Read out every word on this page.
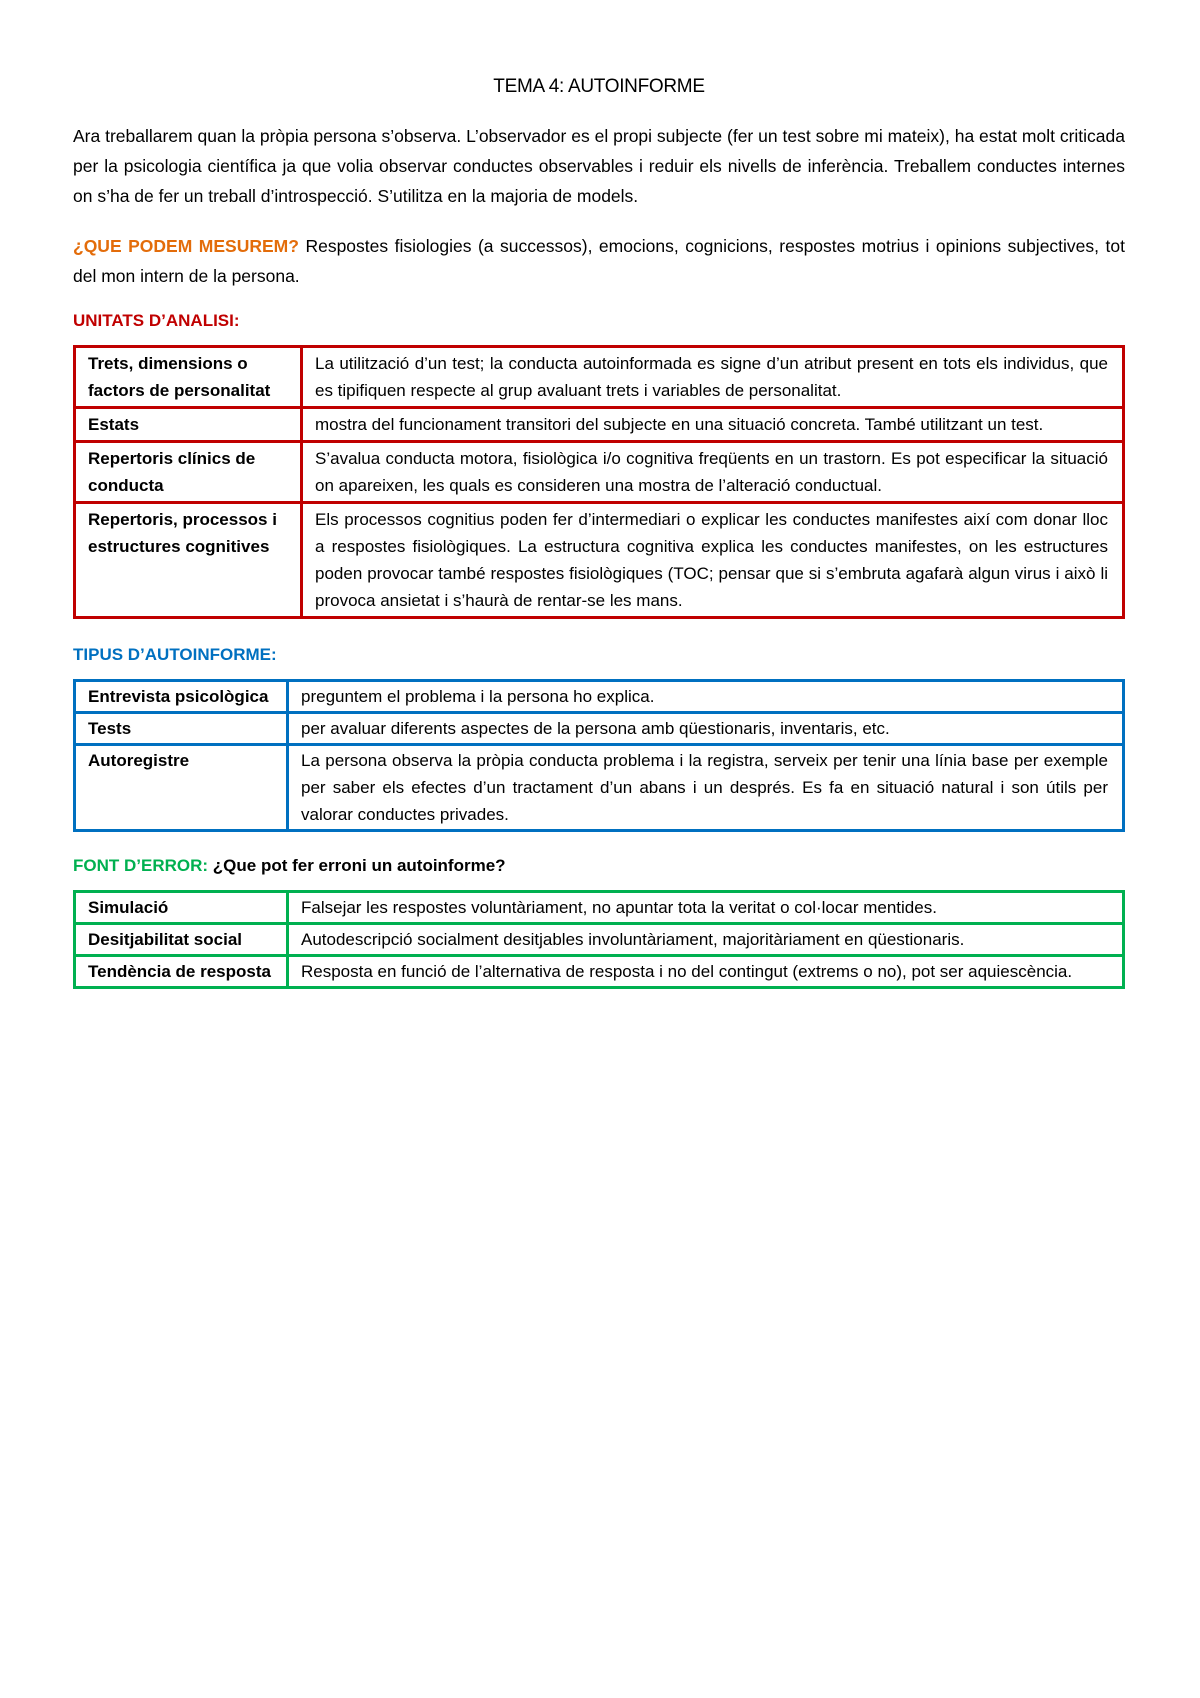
TEMA 4: AUTOINFORME

Ara treballarem quan la pròpia persona s’observa. L’observador es el propi subjecte (fer un test sobre mi mateix), ha estat molt criticada per la psicologia científica ja que volia observar conductes observables i reduir els nivells de inferència. Treballem conductes internes on s’ha de fer un treball d’introspecció. S’utilitza en la majoria de models.

¿QUE PODEM MESUREM? Respostes fisiologies (a successos), emocions, cognicions, respostes motrius i opinions subjectives, tot del mon intern de la persona.

UNITATS D’ANALISI:
Trets, dimensions o factors de personalitat	La utilització d’un test; la conducta autoinformada es signe d’un atribut present en tots els individus, que es tipifiquen respecte al grup avaluant trets i variables de personalitat.
Estats	mostra del funcionament transitori del subjecte en una situació concreta. També utilitzant un test.
Repertoris clínics de conducta	S’avalua conducta motora, fisiològica i/o cognitiva freqüents en un trastorn. Es pot especificar la situació on apareixen, les quals es consideren una mostra de l’alteració conductual.
Repertoris, processos i estructures cognitives	Els processos cognitius poden fer d’intermediari o explicar les conductes manifestes així com donar lloc a respostes fisiològiques. La estructura cognitiva explica les conductes manifestes, on les estructures poden provocar també respostes fisiològiques (TOC; pensar que si s’embruta agafarà algun virus i això li provoca ansietat i s’haurà de rentar-se les mans.
TIPUS D’AUTOINFORME:
Entrevista psicològica	preguntem el problema i la persona ho explica.
Tests	per avaluar diferents aspectes de la persona amb qüestionaris, inventaris, etc.
Autoregistre	La persona observa la pròpia conducta problema i la registra, serveix per tenir una línia base per exemple per saber els efectes d’un tractament d’un abans i un després. Es fa en situació natural i son útils per valorar conductes privades.
FONT D’ERROR: ¿Que pot fer erroni un autoinforme?
Simulació	Falsejar les respostes voluntàriament, no apuntar tota la veritat o col·locar mentides.
Desitjabilitat social	Autodescripció socialment desitjables involuntàriament, majoritàriament en qüestionaris.
Tendència de resposta	Resposta en funció de l’alternativa de resposta i no del contingut (extrems o no), pot ser aquiescència.
